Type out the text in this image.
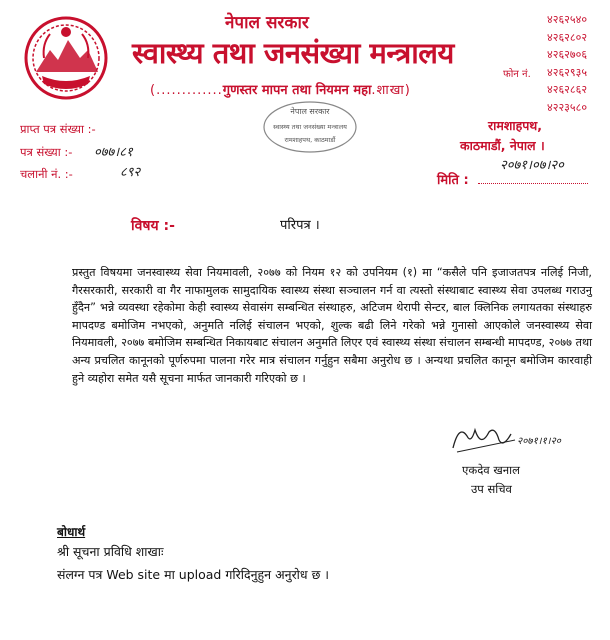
नेपाल सरकार
स्वास्थ्य तथा जनसंख्या मन्त्रालय
(.............गुणस्तर मापन तथा नियमन महा.शाखा)
फोन नं.
४२६२५४०
४२६२८०२
४२६२७०६
४२६२९३५
४२६२८६२
४२२३५८०
नेपाल सरकार
स्वास्थ्य तथा जनसंख्या मन्त्रालय
रामशाहपथ, काठमाडौं
प्राप्त पत्र संख्या :-
पत्र संख्या :- ०७७।८१
चलानी नं. :-	८९२
रामशाहपथ,
काठमाडौं, नेपाल ।
२०७१।०७।२०
मिति :
विषय :-	परिपत्र ।
प्रस्तुत विषयमा जनस्वास्थ्य सेवा नियमावली, २०७७ को नियम १२ को उपनियम (१) मा “कसैले पनि इजाजतपत्र नलिई निजी, गैरसरकारी, सरकारी वा गैर नाफामुलक सामुदायिक स्वास्थ्य संस्था सञ्चालन गर्न वा त्यस्तो संस्थाबाट स्वास्थ्य सेवा उपलब्ध गराउनु हुँदैन” भन्ने व्यवस्था रहेकोमा केही स्वास्थ्य सेवासंग सम्बन्धित संस्थाहरु, अटिजम थेरापी सेन्टर, बाल क्लिनिक लगायतका संस्थाहरु मापदण्ड बमोजिम नभएको, अनुमति नलिई संचालन भएको, शुल्क बढी लिने गरेको भन्ने गुनासो आएकोले जनस्वास्थ्य सेवा नियमावली, २०७७ बमोजिम सम्बन्धित निकायबाट संचालन अनुमति लिएर एवं स्वास्थ्य संस्था संचालन सम्बन्धी मापदण्ड, २०७७ तथा अन्य प्रचलित कानूनको पूर्णरुपमा पालना गरेर मात्र संचालन गर्नुहुन सबैमा अनुरोध छ । अन्यथा प्रचलित कानून बमोजिम कारवाही हुने व्यहोरा समेत यसै सूचना मार्फत जानकारी गरिएको छ ।
२०७१।१।२०
एकदेव खनाल
उप सचिव
बोधार्थ
श्री सूचना प्रविधि शाखाः
संलग्न पत्र Web site मा upload गरिदिनुहुन अनुरोध छ ।
